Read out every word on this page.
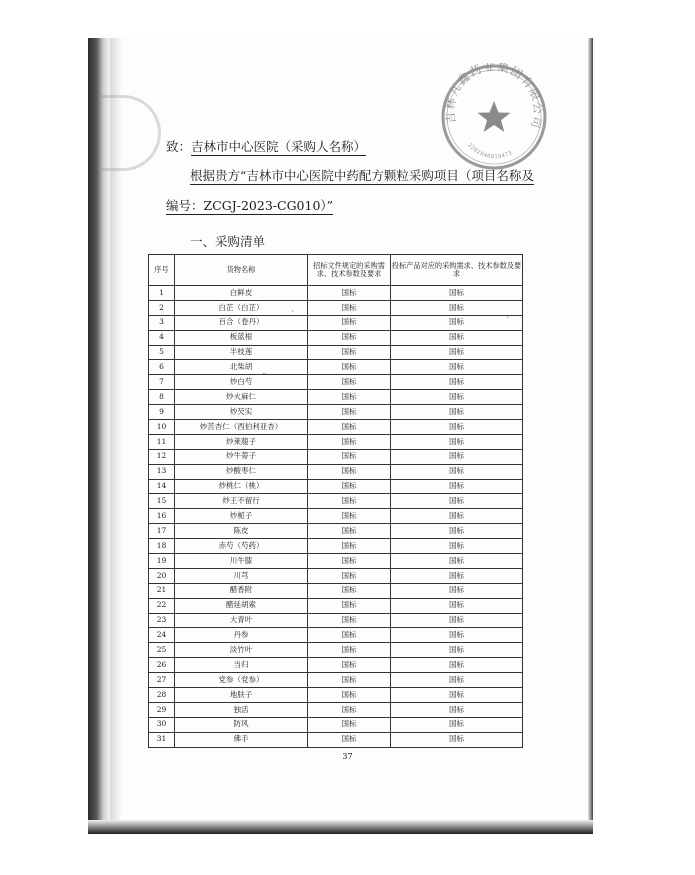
致：吉林市中心医院（采购人名称）
根据贵方“吉林市中心医院中药配方颗粒采购项目（项目名称及
编号：ZCGJ-2023-CG010）”
一、采购清单
序号	货物名称	招标文件规定的采购需求、技术参数及要求	投标产品对应的采购需求、技术参数及要求
1	白鲜皮	国标	国标
2	白芷（白芷）	国标	国标
3	百合（卷丹）	国标	国标
4	板蓝根	国标	国标
5	半枝莲	国标	国标
6	北柴胡	国标	国标
7	炒白芍	国标	国标
8	炒火麻仁	国标	国标
9	炒芡实	国标	国标
10	炒苦杏仁（西伯利亚杏）	国标	国标
11	炒莱菔子	国标	国标
12	炒牛蒡子	国标	国标
13	炒酸枣仁	国标	国标
14	炒桃仁（桃）	国标	国标
15	炒王不留行	国标	国标
16	炒栀子	国标	国标
17	陈皮	国标	国标
18	赤芍（芍药）	国标	国标
19	川牛膝	国标	国标
20	川芎	国标	国标
21	醋香附	国标	国标
22	醋延胡索	国标	国标
23	大青叶	国标	国标
24	丹参	国标	国标
25	淡竹叶	国标	国标
26	当归	国标	国标
27	党参（党参）	国标	国标
28	地肤子	国标	国标
29	独活	国标	国标
30	防风	国标	国标
31	佛手	国标	国标
37
`
“
`
吉林九鑫药业集团有限公司
2202040019473
